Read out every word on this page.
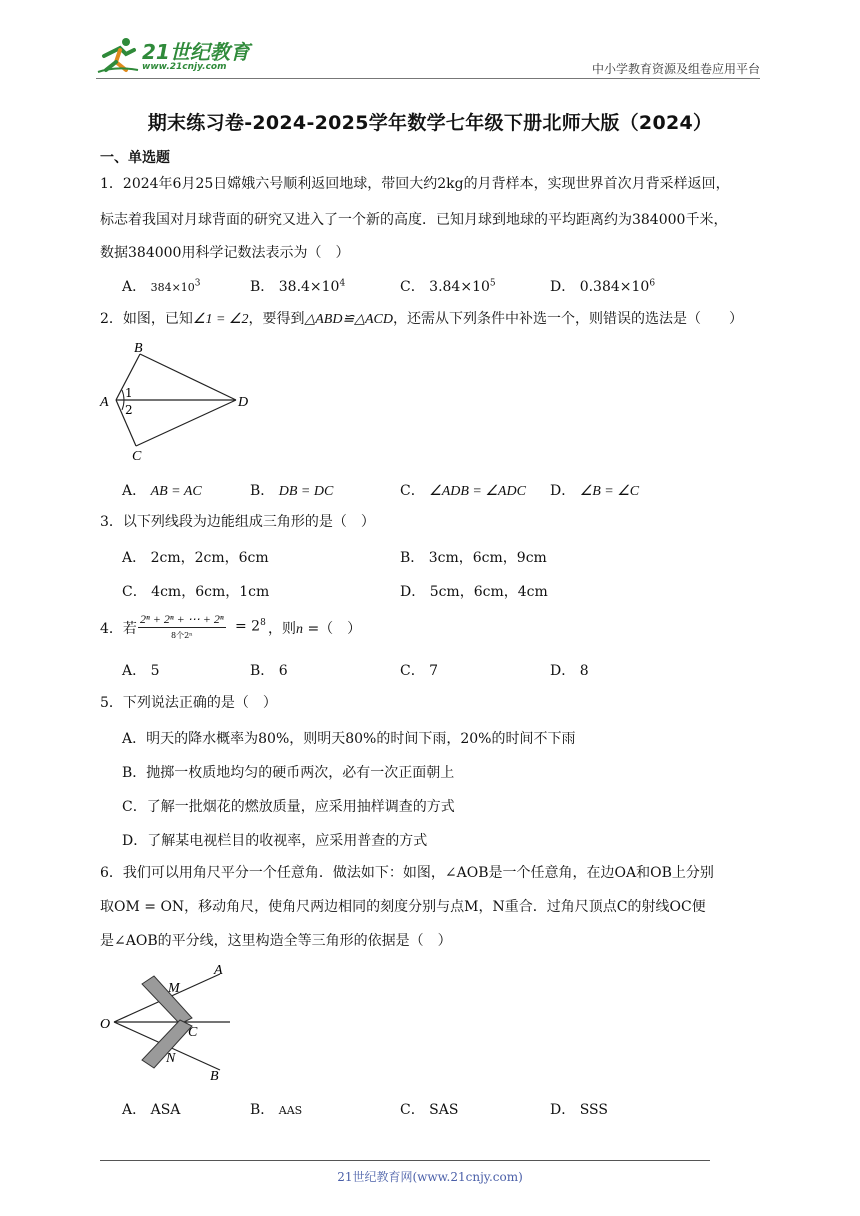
21世纪教育
www.21cnjy.com	中小学教育资源及组卷应用平台
期末练习卷-2024-2025学年数学七年级下册北师大版（2024）
一、单选题
1．2024年6月25日嫦娥六号顺利返回地球，带回大约2kg的月背样本，实现世界首次月背采样返回，
标志着我国对月球背面的研究又进入了一个新的高度．已知月球到地球的平均距离约为384000千米，
数据384000用科学记数法表示为（　）
A． $384\times 10^3$	B． $38.4\times 10^4$	C． $3.84\times 10^5$	D． $0.384\times 10^6$
2．如图，已知∠1 = ∠2，要得到△ABD≌△ACD，还需从下列条件中补选一个，则错误的选法是（　　）
B
A	D
C
1
2
A． AB = AC	B． DB = DC	C． ∠ADB = ∠ADC D． ∠B = ∠C
3．以下列线段为边能组成三角形的是（　）
A． 2cm，2cm，6cm	B． 3cm，6cm，9cm
C． 4cm，6cm，1cm	D． 5cm，6cm，4cm
4．若
2ⁿ + 2ⁿ + ⋯ + 2ⁿ
8个2ⁿ
= $2^8$ ，则n =（　）
A． 5	B． 6	C． 7	D． 8
5．下列说法正确的是（　）
A．明天的降水概率为80%，则明天80%的时间下雨，20%的时间不下雨
B．抛掷一枚质地均匀的硬币两次，必有一次正面朝上
C．了解一批烟花的燃放质量，应采用抽样调查的方式
D．了解某电视栏目的收视率，应采用普查的方式
6．我们可以用角尺平分一个任意角．做法如下：如图，∠AOB是一个任意角，在边OA和OB上分别
取OM = ON，移动角尺，使角尺两边相同的刻度分别与点M，N重合．过角尺顶点C的射线OC便
是∠AOB的平分线，这里构造全等三角形的依据是（　）
O
A
B
M
N
C
A． ASA	B． AAS	C． SAS	D． SSS
21世纪教育网(www.21cnjy.com)
